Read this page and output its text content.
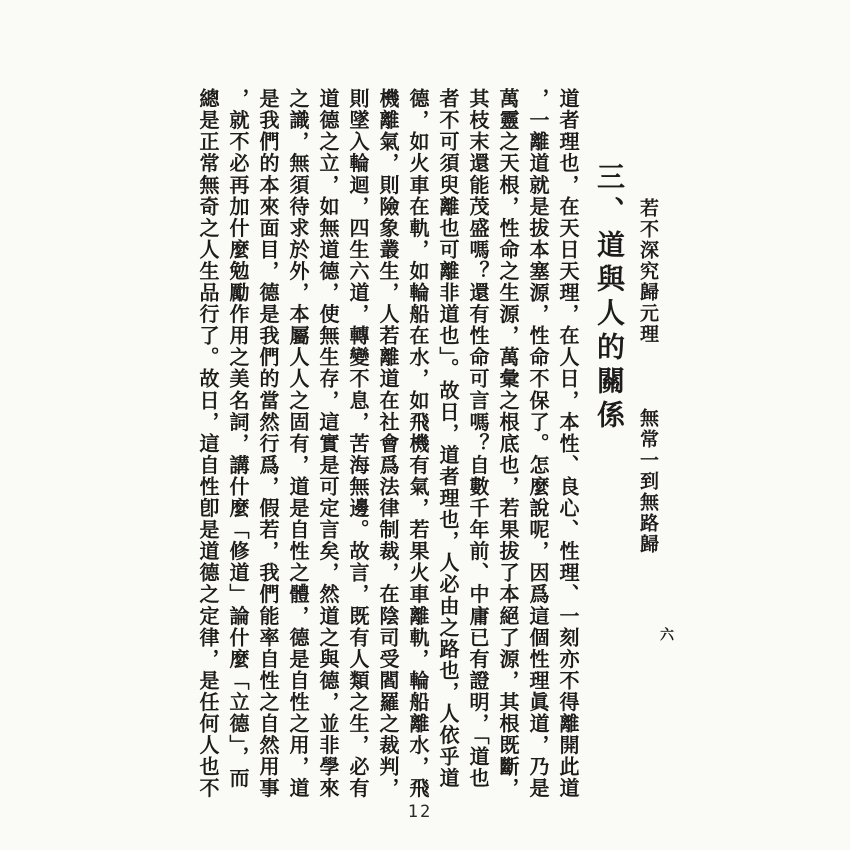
若不深究歸元理
無常一到無路歸
六
三、道與人的關係
道者理也，在天日天理，在人日，本性、良心、性理、一刻亦不得離開此道
，一離道就是拔本塞源，性命不保了。怎麼說呢，因爲這個性理眞道，乃是
萬靈之天根，性命之生源，萬彙之根底也，若果拔了本絕了源，其根既斷，
其枝末還能茂盛嗎？還有性命可言嗎？自數千年前、中庸已有證明，「道也
者不可須臾離也可離非道也」。故日，道者理也，人必由之路也，人依乎道
德，如火車在軌，如輪船在水，如飛機有氣，若果火車離軌，輪船離水，飛
機離氣，則險象叢生，人若離道在社會爲法律制裁，在陰司受閻羅之裁判，
則墜入輪迴，四生六道，轉變不息，苦海無邊。故言，既有人類之生，必有
道德之立，如無道德，使無生存，這實是可定言矣，然道之與德，並非學來
之識，無須待求於外，本屬人人之固有，道是自性之體，德是自性之用，道
是我們的本來面目，德是我們的當然行爲，假若，我們能率自性之自然用事
，就不必再加什麼勉勵作用之美名詞，講什麼「修道」論什麼「立德」，而
總是正常無奇之人生品行了。故日，這自性卽是道德之定律，是任何人也不
12
